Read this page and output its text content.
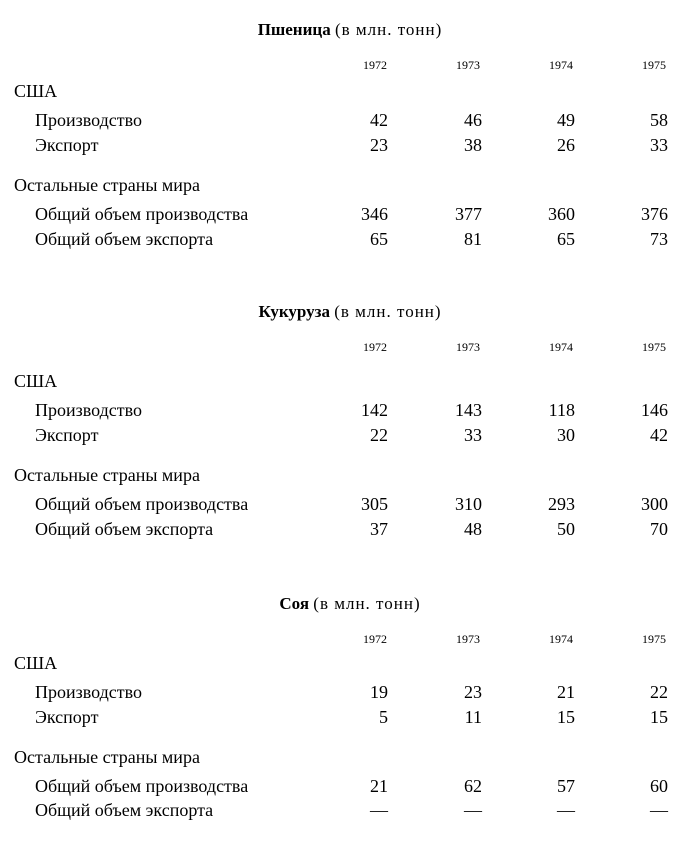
Пшеница (в млн. тонн)
1972	1973	1974	1975
США
Производство	42	46	49	58
Экспорт	23	38	26	33
Остальные страны мира
Общий объем производства	346	377	360	376
Общий объем экспорта	65	81	65	73
Кукуруза (в млн. тонн)
1972	1973	1974	1975
США
Производство	142	143	118	146
Экспорт	22	33	30	42
Остальные страны мира
Общий объем производства	305	310	293	300
Общий объем экспорта	37	48	50	70
Соя (в млн. тонн)
1972	1973	1974	1975
США
Производство	19	23	21	22
Экспорт	5	11	15	15
Остальные страны мира
Общий объем производства	21	62	57	60
Общий объем экспорта	—	—	—	—
